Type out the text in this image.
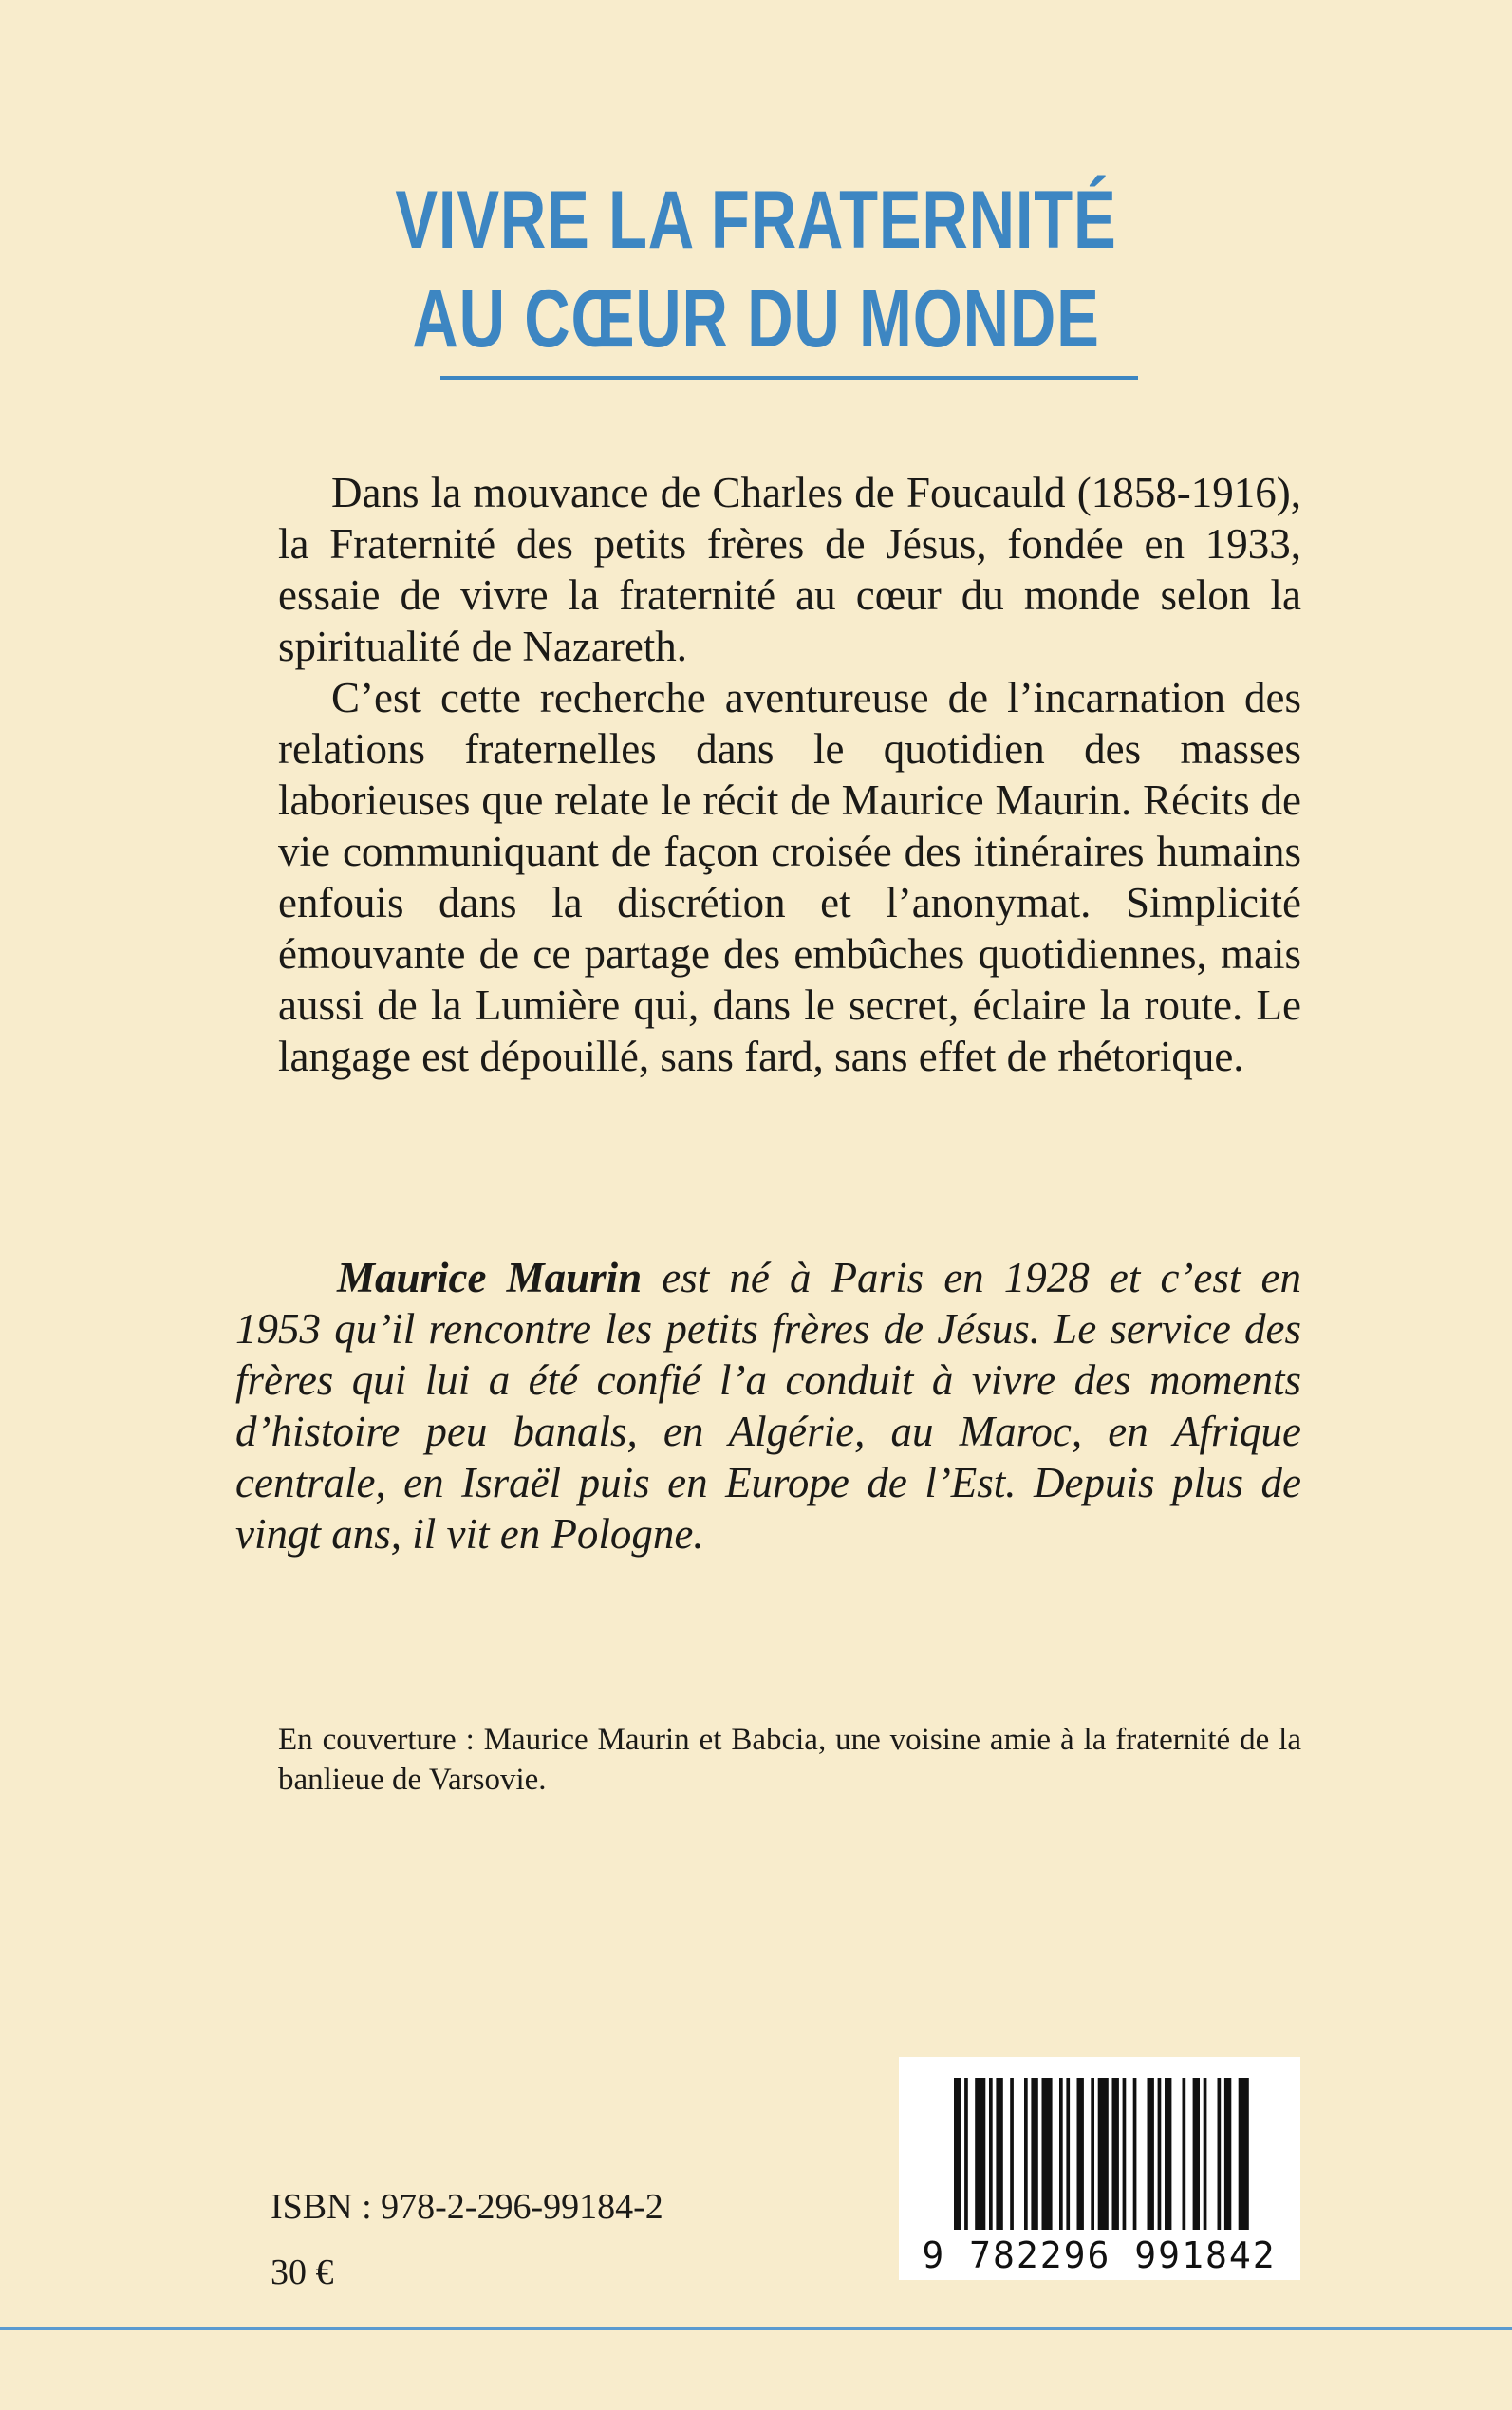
VIVRE LA FRATERNITÉ
AU CŒUR DU MONDE

Dans la mouvance de Charles de Foucauld (1858-1916), la Fraternité des petits frères de Jésus, fondée en 1933, essaie de vivre la fraternité au cœur du monde selon la spiritualité de Nazareth.

C’est cette recherche aventureuse de l’incarnation des relations fraternelles dans le quotidien des masses laborieuses que relate le récit de Maurice Maurin. Récits de vie communiquant de façon croisée des itinéraires humains enfouis dans la discrétion et l’anonymat. Simplicité émouvante de ce partage des embûches quotidiennes, mais aussi de la Lumière qui, dans le secret, éclaire la route. Le langage est dépouillé, sans fard, sans effet de rhétorique.

Maurice Maurin est né à Paris en 1928 et c’est en 1953 qu’il rencontre les petits frères de Jésus. Le service des frères qui lui a été confié l’a conduit à vivre des moments d’histoire peu banals, en Algérie, au Maroc, en Afrique centrale, en Israël puis en Europe de l’Est. Depuis plus de vingt ans, il vit en Pologne.

En couverture : Maurice Maurin et Babcia, une voisine amie à la fraternité de la banlieue de Varsovie.
9 782296 991842
ISBN : 978-2-296-99184-2
30 €
